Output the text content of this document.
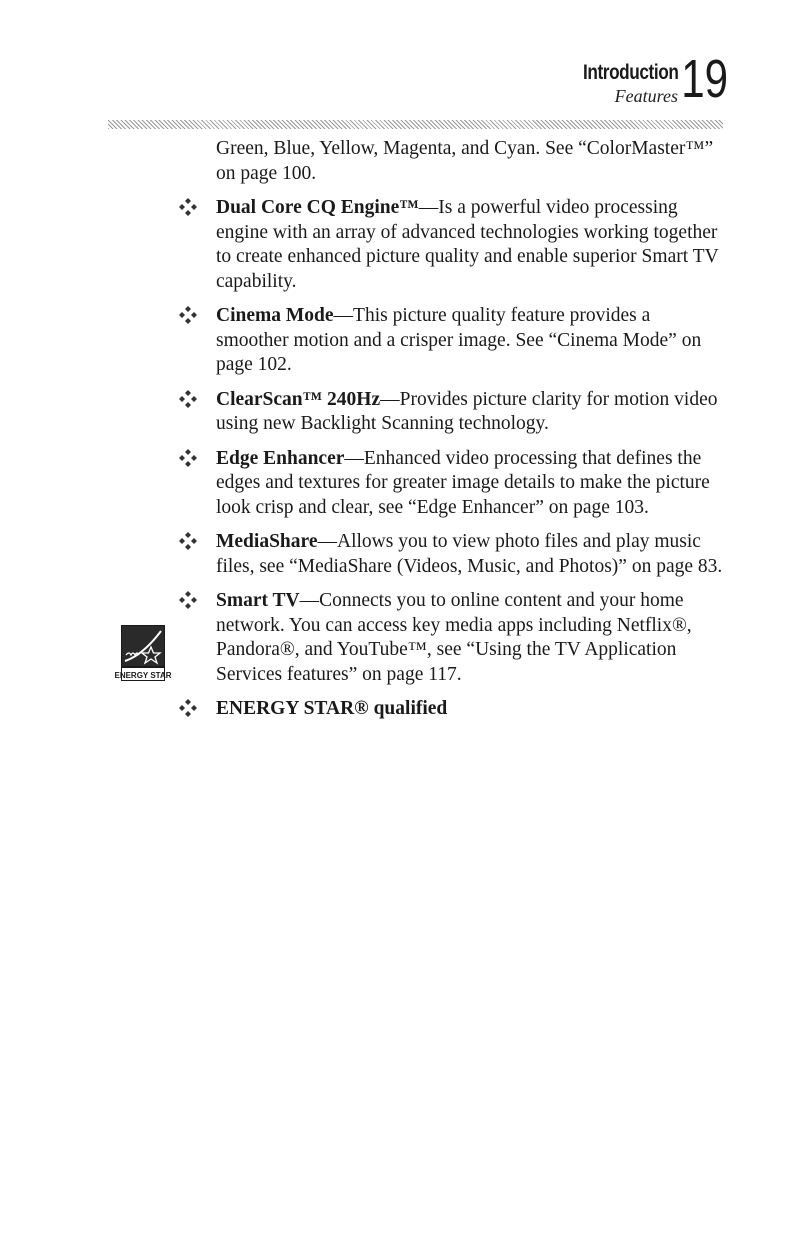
Introduction
Features 19

Green, Blue, Yellow, Magenta, and Cyan. See “ColorMaster™” on page 100.

Dual Core CQ Engine™—Is a powerful video processing engine with an array of advanced technologies working together to create enhanced picture quality and enable superior Smart TV capability.

Cinema Mode—This picture quality feature provides a smoother motion and a crisper image. See “Cinema Mode” on page 102.

ClearScan™ 240Hz—Provides picture clarity for motion video using new Backlight Scanning technology.

Edge Enhancer—Enhanced video processing that defines the edges and textures for greater image details to make the picture look crisp and clear, see “Edge Enhancer” on page 103.

MediaShare—Allows you to view photo files and play music files, see “MediaShare (Videos, Music, and Photos)” on page 83.

Smart TV—Connects you to online content and your home network. You can access key media apps including Netflix®, Pandora®, and YouTube™, see “Using the TV Application Services features” on page 117.

ENERGY STAR® qualified

ENERGY STAR
